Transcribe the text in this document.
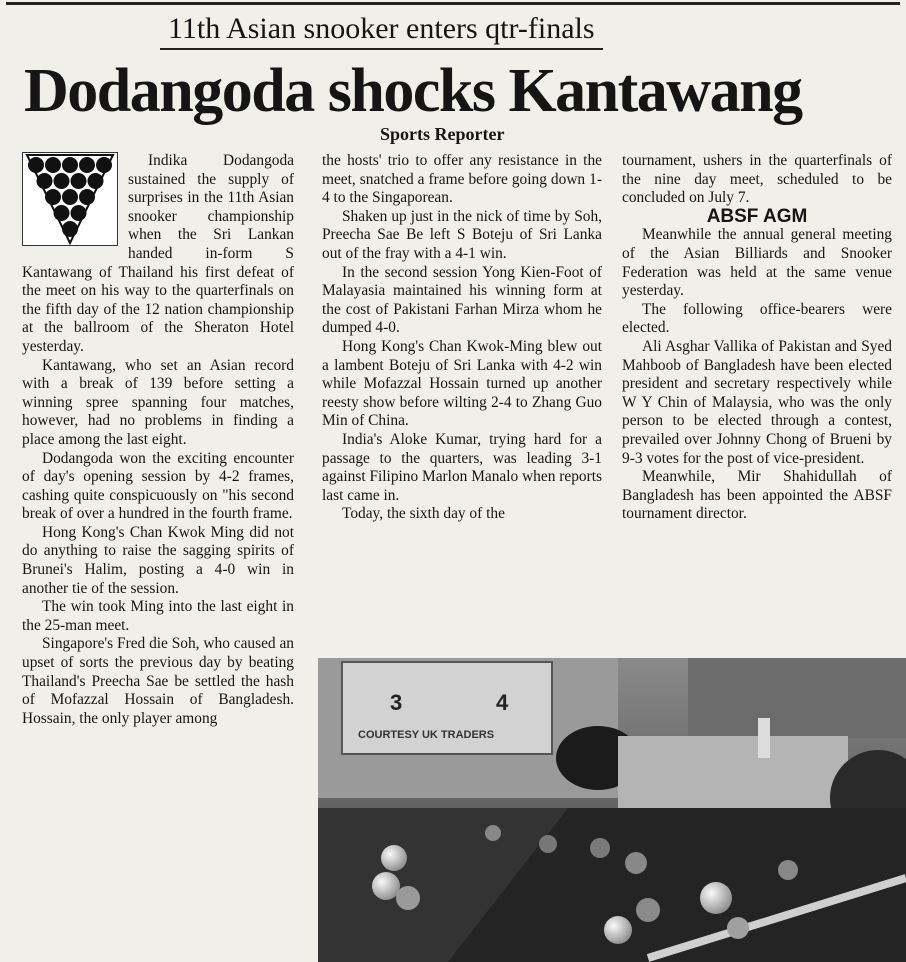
11th Asian snooker enters qtr-finals
Dodangoda shocks Kantawang
Sports Reporter

Indika Dodangoda sustained the supply of surprises in the 11th Asian snooker championship when the Sri Lankan handed in-form S Kantawang of Thailand his first defeat of the meet on his way to the quarterfinals on the fifth day of the 12 nation championship at the ballroom of the Sheraton Hotel yesterday.

Kantawang, who set an Asian record with a break of 139 before setting a winning spree spanning four matches, however, had no problems in finding a place among the last eight.

Dodangoda won the exciting encounter of day's opening session by 4-2 frames, cashing quite conspicuously on "his second break of over a hundred in the fourth frame.

Hong Kong's Chan Kwok Ming did not do anything to raise the sagging spirits of Brunei's Halim, posting a 4-0 win in another tie of the session.

The win took Ming into the last eight in the 25-man meet.

Singapore's Fred die Soh, who caused an upset of sorts the previous day by beating Thailand's Preecha Sae be settled the hash of Mofazzal Hossain of Bangladesh. Hossain, the only player among

the hosts' trio to offer any resistance in the meet, snatched a frame before going down 1-4 to the Singaporean.

Shaken up just in the nick of time by Soh, Preecha Sae Be left S Boteju of Sri Lanka out of the fray with a 4-1 win.

In the second session Yong Kien-Foot of Malayasia maintained his winning form at the cost of Pakistani Farhan Mirza whom he dumped 4-0.

Hong Kong's Chan Kwok-Ming blew out a lambent Boteju of Sri Lanka with 4-2 win while Mofazzal Hossain turned up another reesty show before wilting 2-4 to Zhang Guo Min of China.

India's Aloke Kumar, trying hard for a passage to the quarters, was leading 3-1 against Filipino Marlon Manalo when reports last came in.

Today, the sixth day of the

tournament, ushers in the quarterfinals of the nine day meet, scheduled to be concluded on July 7.

ABSF AGM

Meanwhile the annual general meeting of the Asian Billiards and Snooker Federation was held at the same venue yesterday.

The following office-bearers were elected.

Ali Asghar Vallika of Pakistan and Syed Mahboob of Bangladesh have been elected president and secretary respectively while W Y Chin of Malaysia, who was the only person to be elected through a contest, prevailed over Johnny Chong of Brueni by 9-3 votes for the post of vice-president.

Meanwhile, Mir Shahidullah of Bangladesh has been appointed the ABSF tournament director.

3	4
COURTESY UK TRADERS
